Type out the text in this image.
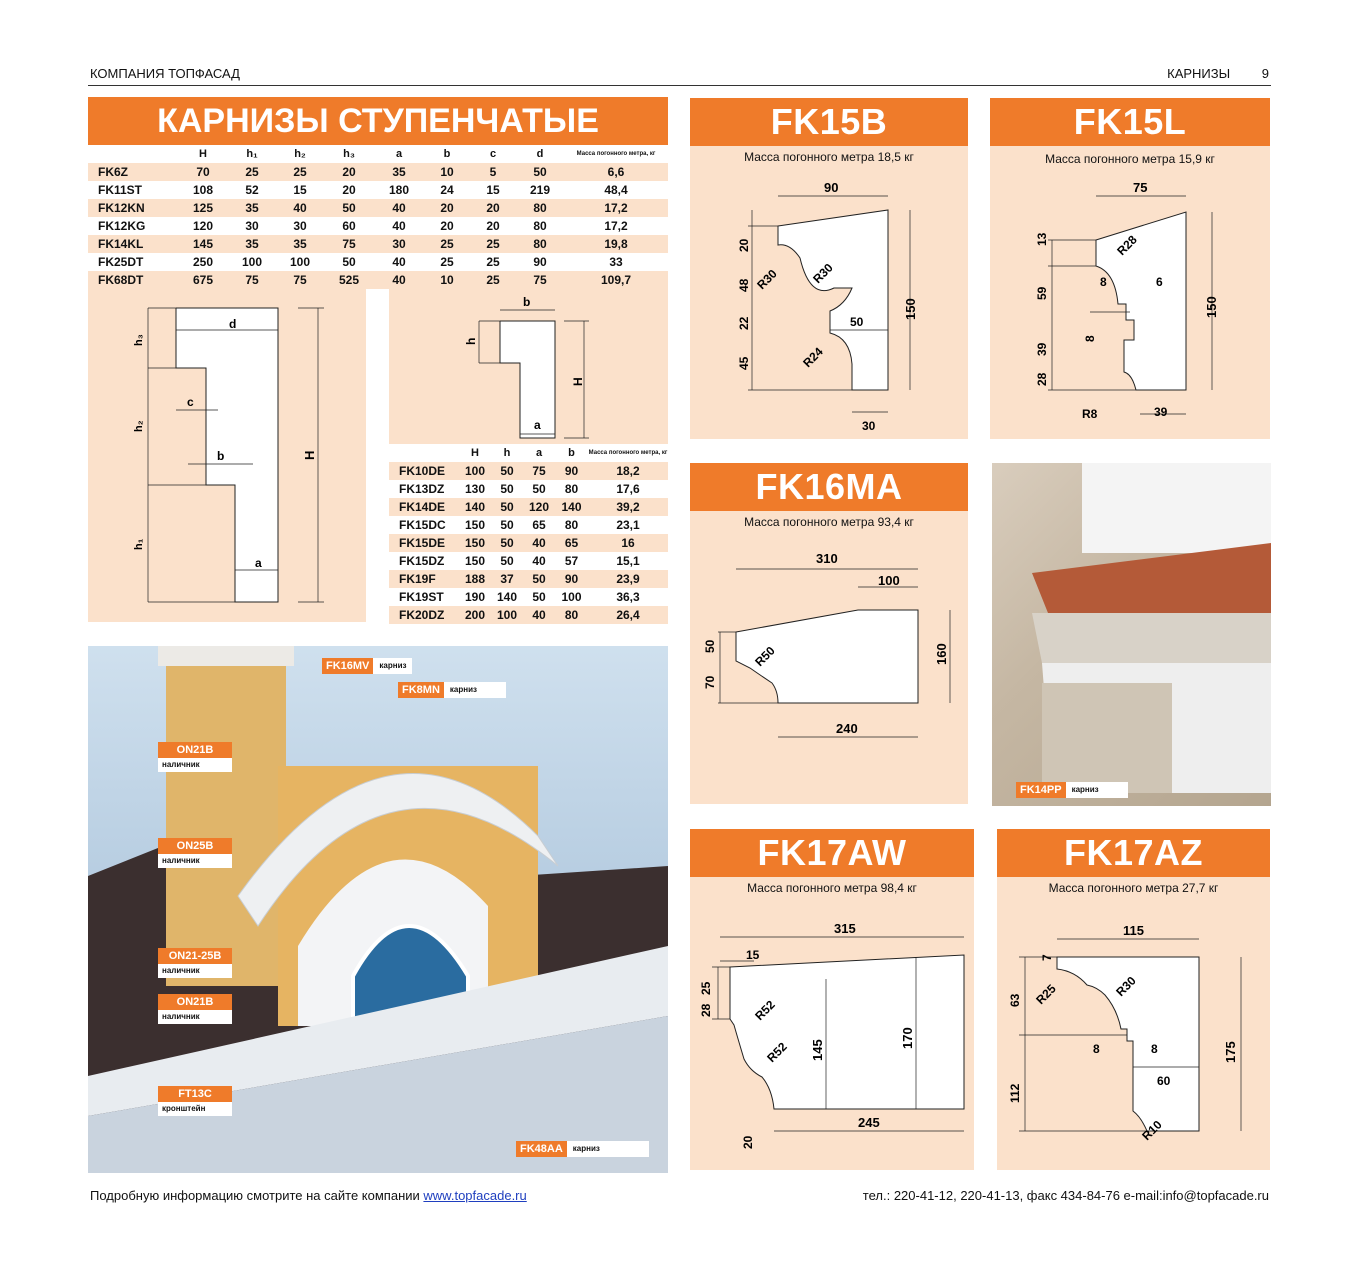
КОМПАНИЯ ТОПФАСАД	КАРНИЗЫ 9
КАРНИЗЫ СТУПЕНЧАТЫЕ
	H	h₁	h₂	h₃	a	b	c	d	Масса погонного метра, кг
FK6Z	70	25	25	20	35	10	5	50	6,6
FK11ST	108	52	15	20	180	24	15	219	48,4
FK12KN	125	35	40	50	40	20	20	80	17,2
FK12KG	120	30	30	60	40	20	20	80	17,2
FK14KL	145	35	35	75	30	25	25	80	19,8
FK25DT	250	100	100	50	40	25	25	90	33
FK68DT	675	75	75	525	40	10	25	75	109,7
d
c
b
a
H
h₃
h₂
h₁
b
h
H
a
	H	h	a	b	Масса погонного метра, кг
FK10DE	100	50	75	90	18,2
FK13DZ	130	50	50	80	17,6
FK14DE	140	50	120	140	39,2
FK15DC	150	50	65	80	23,1
FK15DE	150	50	40	65	16
FK15DZ	150	50	40	57	15,1
FK19F	188	37	50	90	23,9
FK19ST	190	140	50	100	36,3
FK20DZ	200	100	40	80	26,4
FK15B
Масса погонного метра 18,5 кг
90
20
48
22
45
150
50
30
R30	R30
R24
FK15L
Масса погонного метра 15,9 кг
75
13
59
39
28
150
8	6
8
39
R28
R8
FK16MA
Масса погонного метра 93,4 кг
310
100
50
70
160
240
R50
FK17AW
Масса погонного метра 98,4 кг
315
15
28
25
145
170
245
20
R52
R52
FK17AZ
Масса погонного метра 27,7 кг
115
7
63
112
175
8	8
60
R25	R30
R10
FK16MV	карниз
FK8MN	карниз
ON21B
наличник
ON25B
наличник
ON21-25B
наличник
ON21B
наличник
FT13C
кронштейн
FK48AA	карниз
FK14PP	карниз
Подробную информацию смотрите на сайте компании www.topfacade.ru	тел.: 220-41-12, 220-41-13, факс 434-84-76 e-mail:info@topfacade.ru
